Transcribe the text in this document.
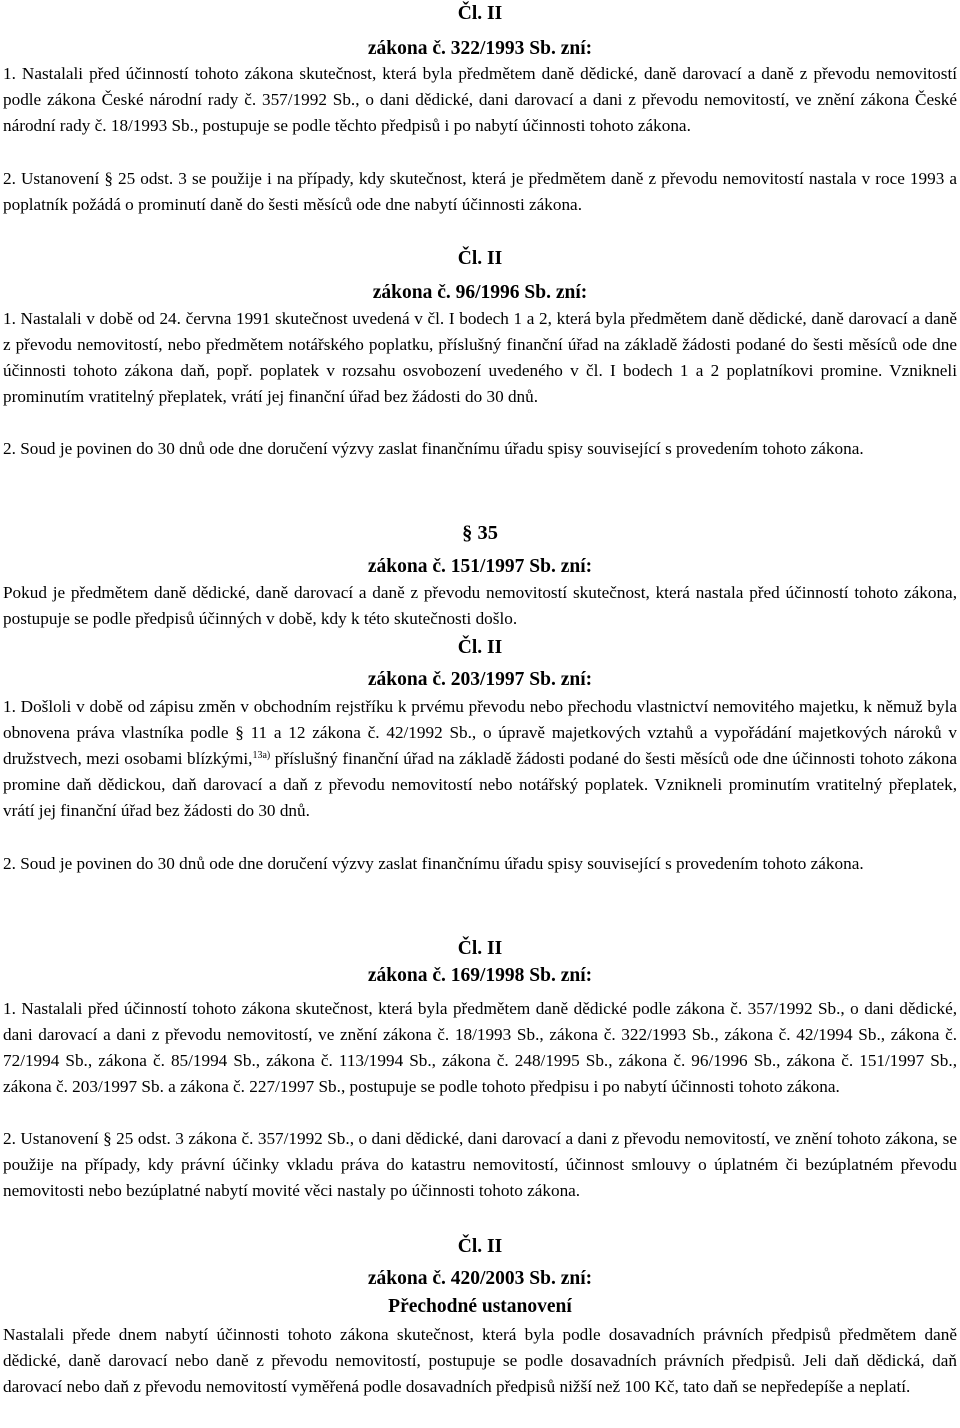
Čl. II

zákona č. 322/1993 Sb. zní:

1. Nastalali před účinností tohoto zákona skutečnost, která byla předmětem daně dědické, daně darovací a daně z převodu nemovitostí podle zákona České národní rady č. 357/1992 Sb., o dani dědické, dani darovací a dani z převodu nemovitostí, ve znění zákona České národní rady č. 18/1993 Sb., postupuje se podle těchto předpisů i po nabytí účinnosti tohoto zákona.

2. Ustanovení § 25 odst. 3 se použije i na případy, kdy skutečnost, která je předmětem daně z převodu nemovitostí nastala v roce 1993 a poplatník požádá o prominutí daně do šesti měsíců ode dne nabytí účinnosti zákona.

Čl. II

zákona č. 96/1996 Sb. zní:

1. Nastalali v době od 24. června 1991 skutečnost uvedená v čl. I bodech 1 a 2, která byla předmětem daně dědické, daně darovací a daně z převodu nemovitostí, nebo předmětem notářského poplatku, příslušný finanční úřad na základě žádosti podané do šesti měsíců ode dne účinnosti tohoto zákona daň, popř. poplatek v rozsahu osvobození uvedeného v čl. I bodech 1 a 2 poplatníkovi promine. Vznikneli prominutím vratitelný přeplatek, vrátí jej finanční úřad bez žádosti do 30 dnů.

2. Soud je povinen do 30 dnů ode dne doručení výzvy zaslat finančnímu úřadu spisy související s provedením tohoto zákona.

§ 35

zákona č. 151/1997 Sb. zní:

Pokud je předmětem daně dědické, daně darovací a daně z převodu nemovitostí skutečnost, která nastala před účinností tohoto zákona, postupuje se podle předpisů účinných v době, kdy k této skutečnosti došlo.

Čl. II

zákona č. 203/1997 Sb. zní:

1. Došloli v době od zápisu změn v obchodním rejstříku k prvému převodu nebo přechodu vlastnictví nemovitého majetku, k němuž byla obnovena práva vlastníka podle § 11 a 12 zákona č. 42/1992 Sb., o úpravě majetkových vztahů a vypořádání majetkových nároků v družstvech, mezi osobami blízkými,$^{13a)}$ příslušný finanční úřad na základě žádosti podané do šesti měsíců ode dne účinnosti tohoto zákona promine daň dědickou, daň darovací a daň z převodu nemovitostí nebo notářský poplatek. Vznikneli prominutím vratitelný přeplatek, vrátí jej finanční úřad bez žádosti do 30 dnů.

2. Soud je povinen do 30 dnů ode dne doručení výzvy zaslat finančnímu úřadu spisy související s provedením tohoto zákona.

Čl. II

zákona č. 169/1998 Sb. zní:

1. Nastalali před účinností tohoto zákona skutečnost, která byla předmětem daně dědické podle zákona č. 357/1992 Sb., o dani dědické, dani darovací a dani z převodu nemovitostí, ve znění zákona č. 18/1993 Sb., zákona č. 322/1993 Sb., zákona č. 42/1994 Sb., zákona č. 72/1994 Sb., zákona č. 85/1994 Sb., zákona č. 113/1994 Sb., zákona č. 248/1995 Sb., zákona č. 96/1996 Sb., zákona č. 151/1997 Sb., zákona č. 203/1997 Sb. a zákona č. 227/1997 Sb., postupuje se podle tohoto předpisu i po nabytí účinnosti tohoto zákona.

2. Ustanovení § 25 odst. 3 zákona č. 357/1992 Sb., o dani dědické, dani darovací a dani z převodu nemovitostí, ve znění tohoto zákona, se použije na případy, kdy právní účinky vkladu práva do katastru nemovitostí, účinnost smlouvy o úplatném či bezúplatném převodu nemovitosti nebo bezúplatné nabytí movité věci nastaly po účinnosti tohoto zákona.

Čl. II

zákona č. 420/2003 Sb. zní:

Přechodné ustanovení

Nastalali přede dnem nabytí účinnosti tohoto zákona skutečnost, která byla podle dosavadních právních předpisů předmětem daně dědické, daně darovací nebo daně z převodu nemovitostí, postupuje se podle dosavadních právních předpisů. Jeli daň dědická, daň darovací nebo daň z převodu nemovitostí vyměřená podle dosavadních předpisů nižší než 100 Kč, tato daň se nepředepíše a neplatí.
